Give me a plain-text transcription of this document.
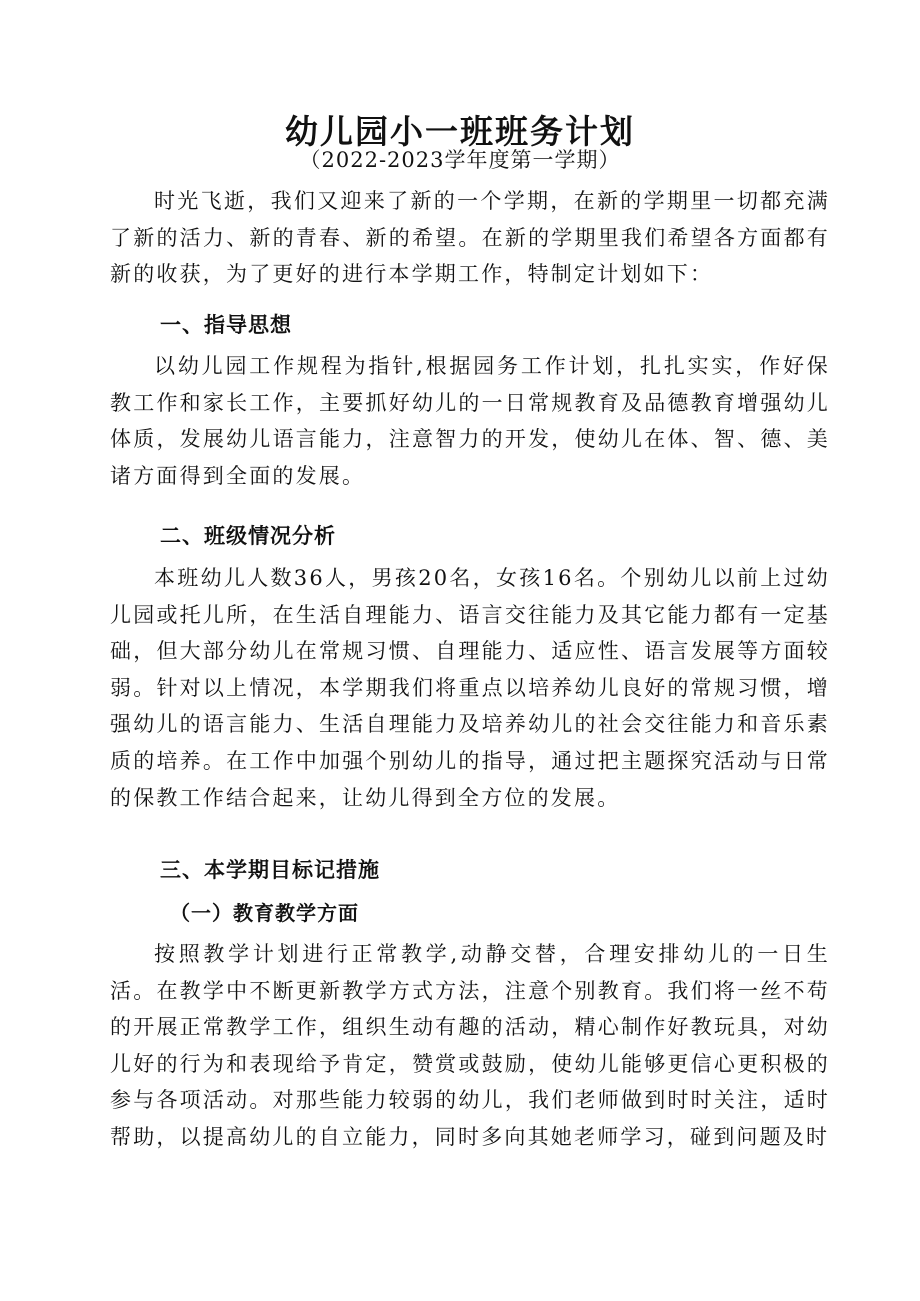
幼儿园小一班班务计划
（2022-2023学年度第一学期）

时光飞逝，我们又迎来了新的一个学期，在新的学期里一切都充满了新的活力、新的青春、新的希望。在新的学期里我们希望各方面都有新的收获，为了更好的进行本学期工作，特制定计划如下：

一、指导思想

以幼儿园工作规程为指针,根据园务工作计划，扎扎实实，作好保教工作和家长工作，主要抓好幼儿的一日常规教育及品德教育增强幼儿体质，发展幼儿语言能力，注意智力的开发，使幼儿在体、智、德、美诸方面得到全面的发展。

二、班级情况分析

本班幼儿人数36人，男孩20名，女孩16名。个别幼儿以前上过幼儿园或托儿所，在生活自理能力、语言交往能力及其它能力都有一定基础，但大部分幼儿在常规习惯、自理能力、适应性、语言发展等方面较弱。针对以上情况，本学期我们将重点以培养幼儿良好的常规习惯，增强幼儿的语言能力、生活自理能力及培养幼儿的社会交往能力和音乐素质的培养。在工作中加强个别幼儿的指导，通过把主题探究活动与日常的保教工作结合起来，让幼儿得到全方位的发展。

三、本学期目标记措施
（一）教育教学方面

按照教学计划进行正常教学,动静交替，合理安排幼儿的一日生活。在教学中不断更新教学方式方法，注意个别教育。我们将一丝不苟的开展正常教学工作，组织生动有趣的活动，精心制作好教玩具，对幼儿好的行为和表现给予肯定，赞赏或鼓励，使幼儿能够更信心更积极的参与各项活动。对那些能力较弱的幼儿，我们老师做到时时关注，适时帮助，以提高幼儿的自立能力，同时多向其她老师学习，碰到问题及时
